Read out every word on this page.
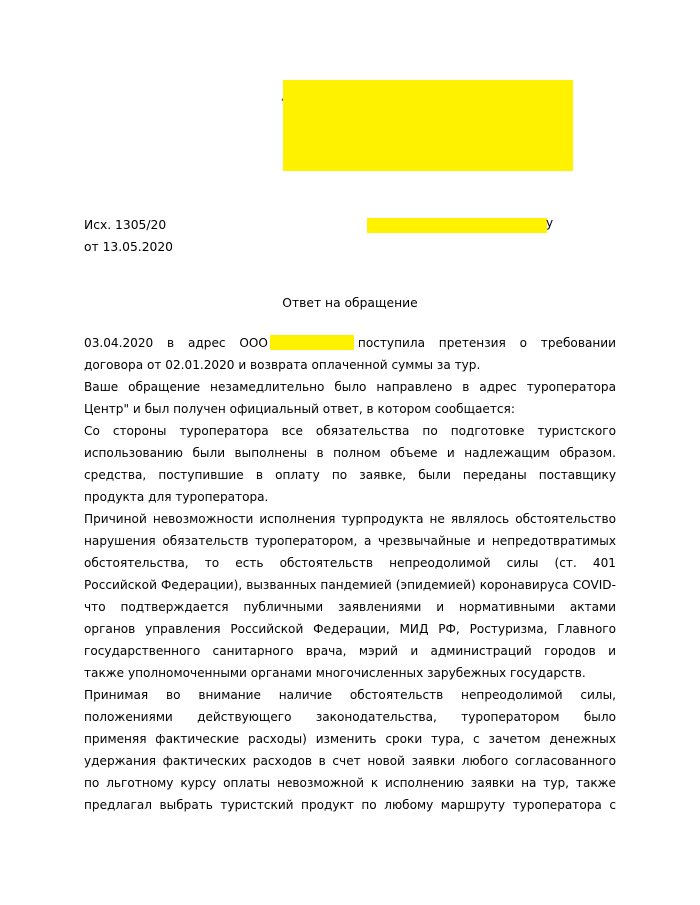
'
Исх. 1305/20
от 13.05.2020
у
Ответ на обращение
03.04.2020 в адрес ООО	поступила претензия о требовании
договора от 02.01.2020 и возврата оплаченной суммы за тур.
Ваше обращение незамедлительно было направлено в адрес туроператора
Центр" и был получен официальный ответ, в котором сообщается:
Со стороны туроператора все обязательства по подготовке туристского
использованию были выполнены в полном объеме и надлежащим образом.
средства, поступившие в оплату по заявке, были переданы поставщику
продукта для туроператора.
Причиной невозможности исполнения турпродукта не являлось обстоятельство
нарушения обязательств туроператором, а чрезвычайные и непредотвратимых
обстоятельства, то есть обстоятельств непреодолимой силы (ст. 401
Российской Федерации), вызванных пандемией (эпидемией) коронавируса COVID-
что подтверждается публичными заявлениями и нормативными актами
органов управления Российской Федерации, МИД РФ, Ростуризма, Главного
государственного санитарного врача, мэрий и администраций городов и
также уполномоченными органами многочисленных зарубежных государств.
Принимая во внимание наличие обстоятельств непреодолимой силы,
положениями действующего законодательства, туроператором было
применяя фактические расходы) изменить сроки тура, с зачетом денежных
удержания фактических расходов в счет новой заявки любого согласованного
по льготному курсу оплаты невозможной к исполнению заявки на тур, также
предлагал выбрать туристский продукт по любому маршруту туроператора с
